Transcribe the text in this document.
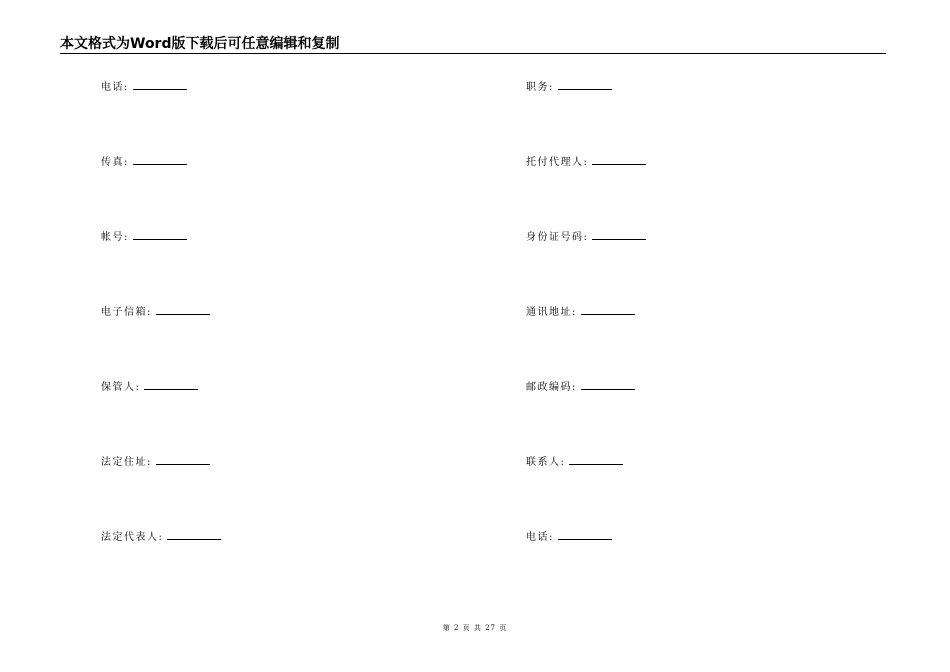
本文格式为Word版下载后可任意编辑和复制
电话:
传真:
帐号:
电子信箱:
保管人:
法定住址:
法定代表人:
职务:
托付代理人:
身份证号码:
通讯地址:
邮政编码:
联系人:
电话:
第 2 页 共 27 页
